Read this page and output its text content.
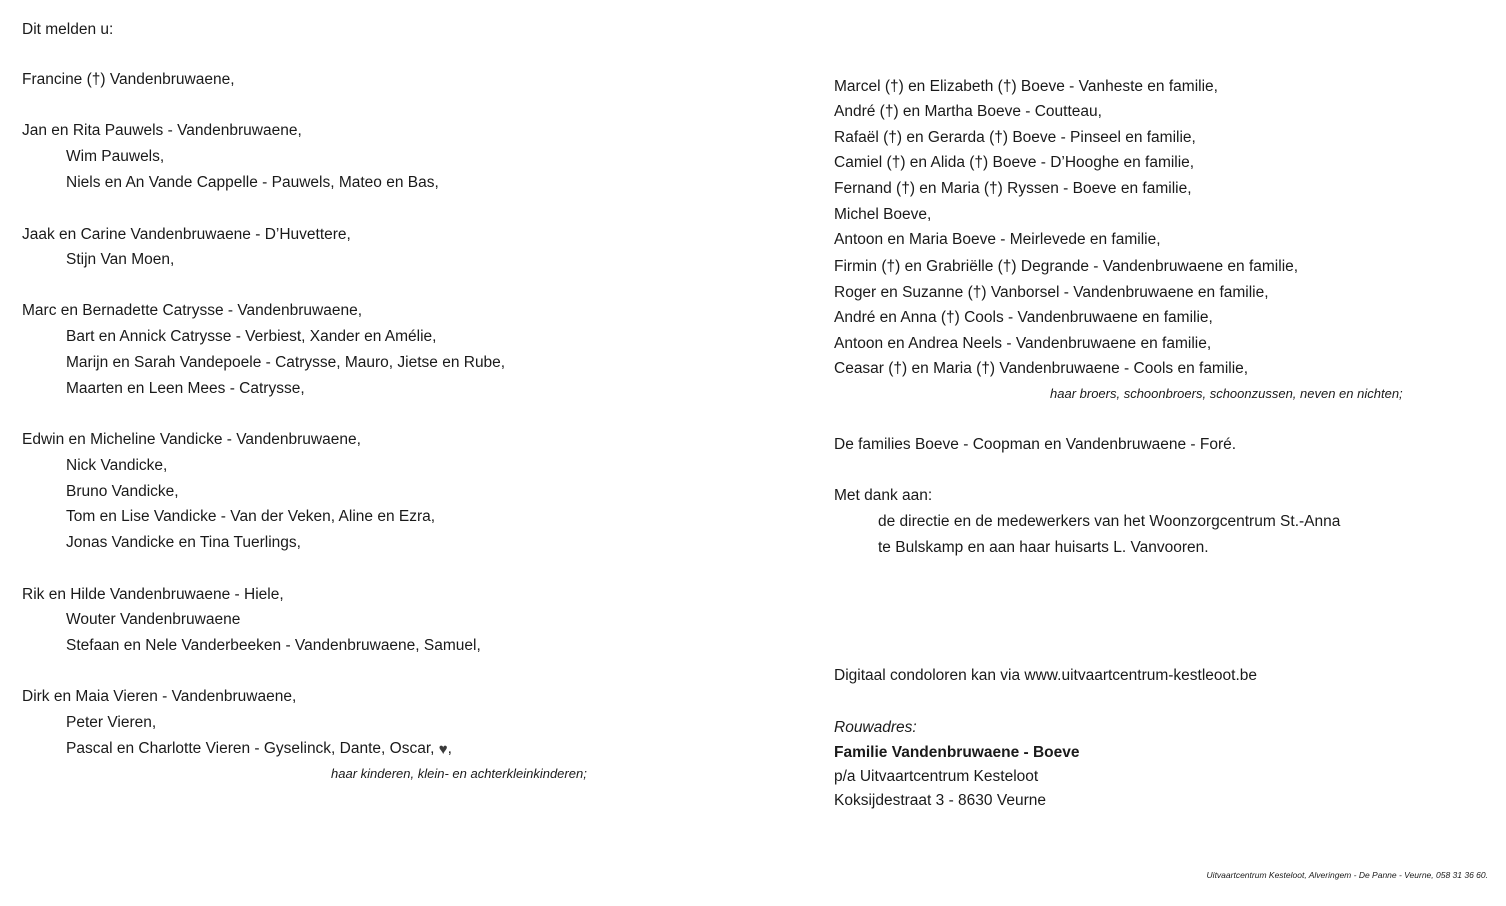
Dit melden u:
Francine (†) Vandenbruwaene,
Jan en Rita Pauwels - Vandenbruwaene,
Wim Pauwels,
Niels en An Vande Cappelle - Pauwels, Mateo en Bas,
Jaak en Carine Vandenbruwaene - D’Huvettere,
Stijn Van Moen,
Marc en Bernadette Catrysse - Vandenbruwaene,
Bart en Annick Catrysse - Verbiest, Xander en Amélie,
Marijn en Sarah Vandepoele - Catrysse, Mauro, Jietse en Rube,
Maarten en Leen Mees - Catrysse,
Edwin en Micheline Vandicke - Vandenbruwaene,
Nick Vandicke,
Bruno Vandicke,
Tom en Lise Vandicke - Van der Veken, Aline en Ezra,
Jonas Vandicke en Tina Tuerlings,
Rik en Hilde Vandenbruwaene - Hiele,
Wouter Vandenbruwaene
Stefaan en Nele Vanderbeeken - Vandenbruwaene, Samuel,
Dirk en Maia Vieren - Vandenbruwaene,
Peter Vieren,
Pascal en Charlotte Vieren - Gyselinck, Dante, Oscar, ♥,
haar kinderen, klein- en achterkleinkinderen;
Marcel (†) en Elizabeth (†) Boeve - Vanheste en familie,
André (†) en Martha Boeve - Coutteau,
Rafaël (†) en Gerarda (†) Boeve - Pinseel en familie,
Camiel (†) en Alida (†) Boeve - D’Hooghe en familie,
Fernand (†) en Maria (†) Ryssen - Boeve en familie,
Michel Boeve,
Antoon en Maria Boeve - Meirlevede en familie,
Firmin (†) en Grabriëlle (†) Degrande - Vandenbruwaene en familie,
Roger en Suzanne (†) Vanborsel - Vandenbruwaene en familie,
André en Anna (†) Cools - Vandenbruwaene en familie,
Antoon en Andrea Neels - Vandenbruwaene en familie,
Ceasar (†) en Maria (†) Vandenbruwaene - Cools en familie,
haar broers, schoonbroers, schoonzussen, neven en nichten;
De families Boeve - Coopman en Vandenbruwaene - Foré.
Met dank aan:
de directie en de medewerkers van het Woonzorgcentrum St.-Anna
te Bulskamp en aan haar huisarts L. Vanvooren.
Digitaal condoloren kan via www.uitvaartcentrum-kestleoot.be
Rouwadres:
Familie Vandenbruwaene - Boeve
p/a Uitvaartcentrum Kesteloot
Koksijdestraat 3 - 8630 Veurne
Uitvaartcentrum Kesteloot, Alveringem - De Panne - Veurne, 058 31 36 60.
